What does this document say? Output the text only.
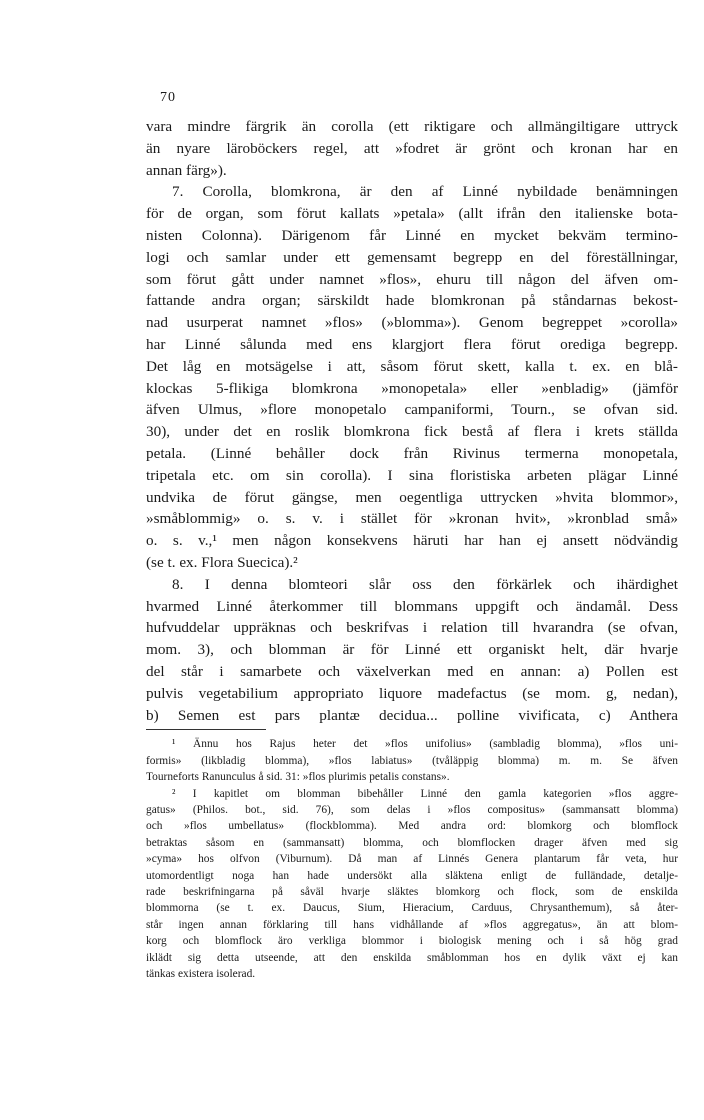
70

vara mindre färgrik än corolla (ett riktigare och allmängiltigare uttryck

än nyare läroböckers regel, att »fodret är grönt och kronan har en

annan färg»).

7. Corolla, blomkrona, är den af Linné nybildade benämningen

för de organ, som förut kallats »petala» (allt ifrån den italienske bota-

nisten Colonna). Därigenom får Linné en mycket bekväm termino-

logi och samlar under ett gemensamt begrepp en del föreställningar,

som förut gått under namnet »flos», ehuru till någon del äfven om-

fattande andra organ; särskildt hade blomkronan på ståndarnas bekost-

nad usurperat namnet »flos» (»blomma»). Genom begreppet »corolla»

har Linné sålunda med ens klargjort flera förut orediga begrepp.

Det låg en motsägelse i att, såsom förut skett, kalla t. ex. en blå-

klockas 5-flikiga blomkrona »monopetala» eller »enbladig» (jämför

äfven Ulmus, »flore monopetalo campaniformi, Tourn., se ofvan sid.

30), under det en roslik blomkrona fick bestå af flera i krets ställda

petala. (Linné behåller dock från Rivinus termerna monopetala,

tripetala etc. om sin corolla). I sina floristiska arbeten plägar Linné

undvika de förut gängse, men oegentliga uttrycken »hvita blommor»,

»småblommig» o. s. v. i stället för »kronan hvit», »kronblad små»

o. s. v.,¹ men någon konsekvens häruti har han ej ansett nödvändig

(se t. ex. Flora Suecica).²

8. I denna blomteori slår oss den förkärlek och ihärdighet

hvarmed Linné återkommer till blommans uppgift och ändamål. Dess

hufvuddelar uppräknas och beskrifvas i relation till hvarandra (se ofvan,

mom. 3), och blomman är för Linné ett organiskt helt, där hvarje

del står i samarbete och växelverkan med en annan: a) Pollen est

pulvis vegetabilium appropriato liquore madefactus (se mom. g, nedan),

b) Semen est pars plantæ decidua... polline vivificata, c) Anthera

¹ Ännu hos Rajus heter det »flos unifolius» (sambladig blomma), »flos uni-

formis» (likbladig blomma), »flos labiatus» (tvåläppig blomma) m. m. Se äfven

Tourneforts Ranunculus å sid. 31: »flos plurimis petalis constans».

² I kapitlet om blomman bibehåller Linné den gamla kategorien »flos aggre-

gatus» (Philos. bot., sid. 76), som delas i »flos compositus» (sammansatt blomma)

och »flos umbellatus» (flockblomma). Med andra ord: blomkorg och blomflock

betraktas såsom en (sammansatt) blomma, och blomflocken drager äfven med sig

»cyma» hos olfvon (Viburnum). Då man af Linnés Genera plantarum får veta, hur

utomordentligt noga han hade undersökt alla släktena enligt de fulländade, detalje-

rade beskrifningarna på såväl hvarje släktes blomkorg och flock, som de enskilda

blommorna (se t. ex. Daucus, Sium, Hieracium, Carduus, Chrysanthemum), så åter-

står ingen annan förklaring till hans vidhållande af »flos aggregatus», än att blom-

korg och blomflock äro verkliga blommor i biologisk mening och i så hög grad

iklädt sig detta utseende, att den enskilda småblomman hos en dylik växt ej kan

tänkas existera isolerad.
